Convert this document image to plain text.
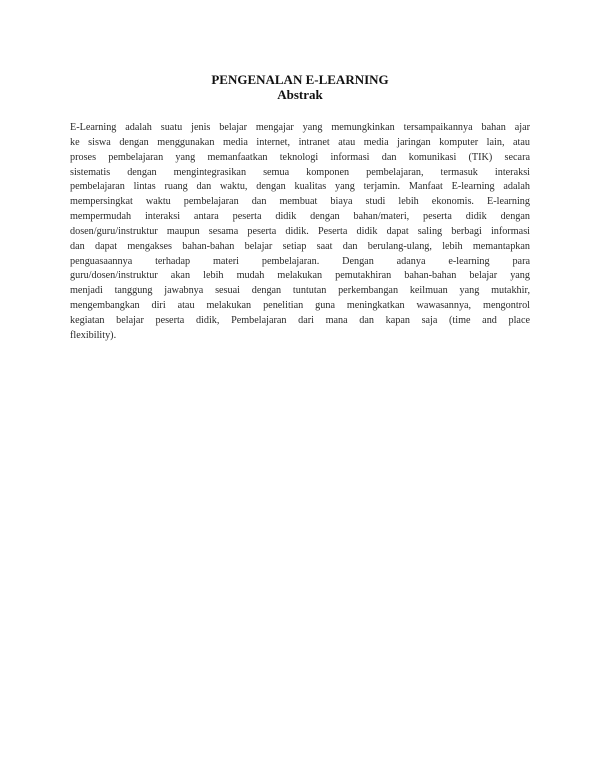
PENGENALAN E-LEARNING
Abstrak
E-Learning adalah suatu jenis belajar mengajar yang memungkinkan tersampaikannya bahan ajar
ke siswa dengan menggunakan media internet, intranet atau media jaringan komputer lain, atau
proses pembelajaran yang memanfaatkan teknologi informasi dan komunikasi (TIK) secara
sistematis dengan mengintegrasikan semua komponen pembelajaran, termasuk interaksi
pembelajaran lintas ruang dan waktu, dengan kualitas yang terjamin. Manfaat E-learning adalah
mempersingkat waktu pembelajaran dan membuat biaya studi lebih ekonomis. E-learning
mempermudah interaksi antara peserta didik dengan bahan/materi, peserta didik dengan
dosen/guru/instruktur maupun sesama peserta didik. Peserta didik dapat saling berbagi informasi
dan dapat mengakses bahan-bahan belajar setiap saat dan berulang-ulang, lebih memantapkan
penguasaannya terhadap materi pembelajaran. Dengan adanya e-learning para
guru/dosen/instruktur akan lebih mudah melakukan pemutakhiran bahan-bahan belajar yang
menjadi tanggung jawabnya sesuai dengan tuntutan perkembangan keilmuan yang mutakhir,
mengembangkan diri atau melakukan penelitian guna meningkatkan wawasannya, mengontrol
kegiatan belajar peserta didik, Pembelajaran dari mana dan kapan saja (time and place
flexibility).
